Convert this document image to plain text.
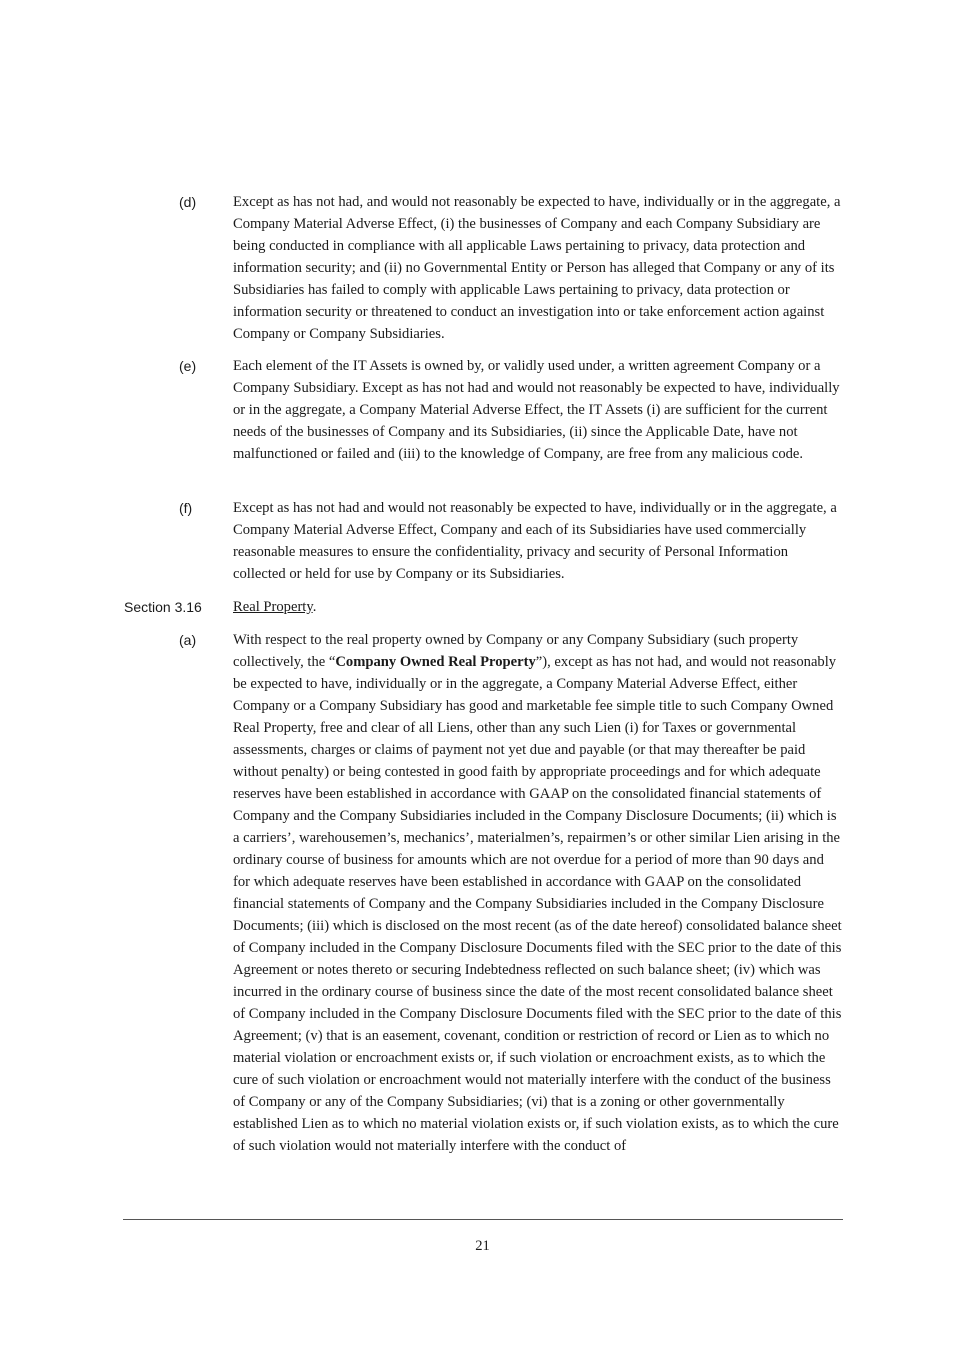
(d)	Except as has not had, and would not reasonably be expected to have, individually or in the aggregate, a Company Material Adverse Effect, (i) the businesses of Company and each Company Subsidiary are being conducted in compliance with all applicable Laws pertaining to privacy, data protection and information security; and (ii) no Governmental Entity or Person has alleged that Company or any of its Subsidiaries has failed to comply with applicable Laws pertaining to privacy, data protection or information security or threatened to conduct an investigation into or take enforcement action against Company or Company Subsidiaries.

(e)	Each element of the IT Assets is owned by, or validly used under, a written agreement Company or a Company Subsidiary. Except as has not had and would not reasonably be expected to have, individually or in the aggregate, a Company Material Adverse Effect, the IT Assets (i) are sufficient for the current needs of the businesses of Company and its Subsidiaries, (ii) since the Applicable Date, have not malfunctioned or failed and (iii) to the knowledge of Company, are free from any malicious code.

(f)	Except as has not had and would not reasonably be expected to have, individually or in the aggregate, a Company Material Adverse Effect, Company and each of its Subsidiaries have used commercially reasonable measures to ensure the confidentiality, privacy and security of Personal Information collected or held for use by Company or its Subsidiaries.

Section 3.16 Real Property.
(a)	With respect to the real property owned by Company or any Company Subsidiary (such property collectively, the “Company Owned Real Property”), except as has not had, and would not reasonably be expected to have, individually or in the aggregate, a Company Material Adverse Effect, either Company or a Company Subsidiary has good and marketable fee simple title to such Company Owned Real Property, free and clear of all Liens, other than any such Lien (i) for Taxes or governmental assessments, charges or claims of payment not yet due and payable (or that may thereafter be paid without penalty) or being contested in good faith by appropriate proceedings and for which adequate reserves have been established in accordance with GAAP on the consolidated financial statements of Company and the Company Subsidiaries included in the Company Disclosure Documents; (ii) which is a carriers’, warehousemen’s, mechanics’, materialmen’s, repairmen’s or other similar Lien arising in the ordinary course of business for amounts which are not overdue for a period of more than 90 days and for which adequate reserves have been established in accordance with GAAP on the consolidated financial statements of Company and the Company Subsidiaries included in the Company Disclosure Documents; (iii) which is disclosed on the most recent (as of the date hereof) consolidated balance sheet of Company included in the Company Disclosure Documents filed with the SEC prior to the date of this Agreement or notes thereto or securing Indebtedness reflected on such balance sheet; (iv) which was incurred in the ordinary course of business since the date of the most recent consolidated balance sheet of Company included in the Company Disclosure Documents filed with the SEC prior to the date of this Agreement; (v) that is an easement, covenant, condition or restriction of record or Lien as to which no material violation or encroachment exists or, if such violation or encroachment exists, as to which the cure of such violation or encroachment would not materially interfere with the conduct of the business of Company or any of the Company Subsidiaries; (vi) that is a zoning or other governmentally established Lien as to which no material violation exists or, if such violation exists, as to which the cure of such violation would not materially interfere with the conduct of

21
